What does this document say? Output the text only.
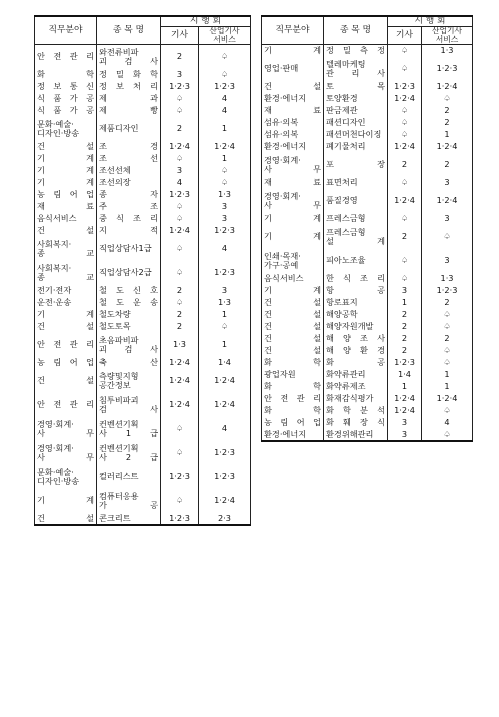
직무분야	종 목 명	시 행 회	
		기사	산업기사
서비스
안 전 관 리	와전류비파
괴 검 사	2	♤
화 학	정 밀 화 학	3	♤
정 보 통 신	정 보 처 리	1·2·3	1·2·3
식 품 가 공	제 과	♤	4
식 품 가 공	제 빵	♤	4
문화·예술·
디자인·방송	제품디자인	2	1
건 설	조 경	1·2·4	1·2·4
기 계	조 선	♤	1
기 계	조선선체	3	♤
기 계	조선의장	4	♤
농 림 어 업	종 자	1·2·3	1·3
재 료	주 조	♤	3
음식서비스	중 식 조 리	♤	3
건 설	지 적	1·2·4	1·2·3
사회복지·
종 교	직업상담사1급	♤	4
사회복지·
종 교	직업상담사2급	♤	1·2·3
전기·전자	철 도 신 호	2	3
운전·운송	철 도 운 송	♤	1·3
기 계	철도차량	2	1
건 설	철도토목	2	♤
안 전 관 리	초음파비파
괴 검 사	1·3	1
농 림 어 업	축 산	1·2·4	1·4
건 설	측량및지형
공간정보	1·2·4	1·2·4
안 전 관 리	침투비파괴
검 사	1·2·4	1·2·4
경영·회계·
사 무	컨벤션기획
사 1 급	♤	4
경영·회계·
사 무	컨벤션기획
사 2 급	♤	1·2·3
문화·예술·
디자인·방송	컬러리스트	1·2·3	1·2·3
기 계	컴퓨터응용
가 공	♤	1·2·4
건 설	콘크리트	1·2·3	2·3
직무분야	종 목 명	시 행 회	
		기사	산업기사
서비스
기 계	정 밀 측 정	♤	1·3
영업·판매	텔레마케팅
관 리 사	♤	1·2·3
건 설	토 목	1·2·3	1·2·4
환경·에너지	토양환경	1·2·4	♤
재 료	판금제관	♤	2
섬유·의복	패션디자인	♤	2
섬유·의복	패션머천다이징	♤	1
환경·에너지	폐기물처리	1·2·4	1·2·4
경영·회계·
사 무	포 장	2	2
재 료	표면처리	♤	3
경영·회계·
사 무	품질경영	1·2·4	1·2·4
기 계	프레스금형	♤	3
기 계	프레스금형
설 계	2	♤
인쇄·목재·
가구·공예	피아노조율	♤	3
음식서비스	한 식 조 리	♤	1·3
기 계	항 공	3	1·2·3
건 설	항로표지	1	2
건 설	해양공학	2	♤
건 설	해양자원개발	2	♤
건 설	해 양 조 사	2	2
건 설	해 양 환 경	2	♤
화 학	화 공	1·2·3	♤
광업자원	화약류관리	1·4	1
화 학	화약류제조	1	1
안 전 관 리	화재감식평가	1·2·4	1·2·4
화 학	화 학 분 석	1·2·4	♤
농 림 어 업	화 훼 장 식	3	4
환경·에너지	환경위해관리	3	♤
